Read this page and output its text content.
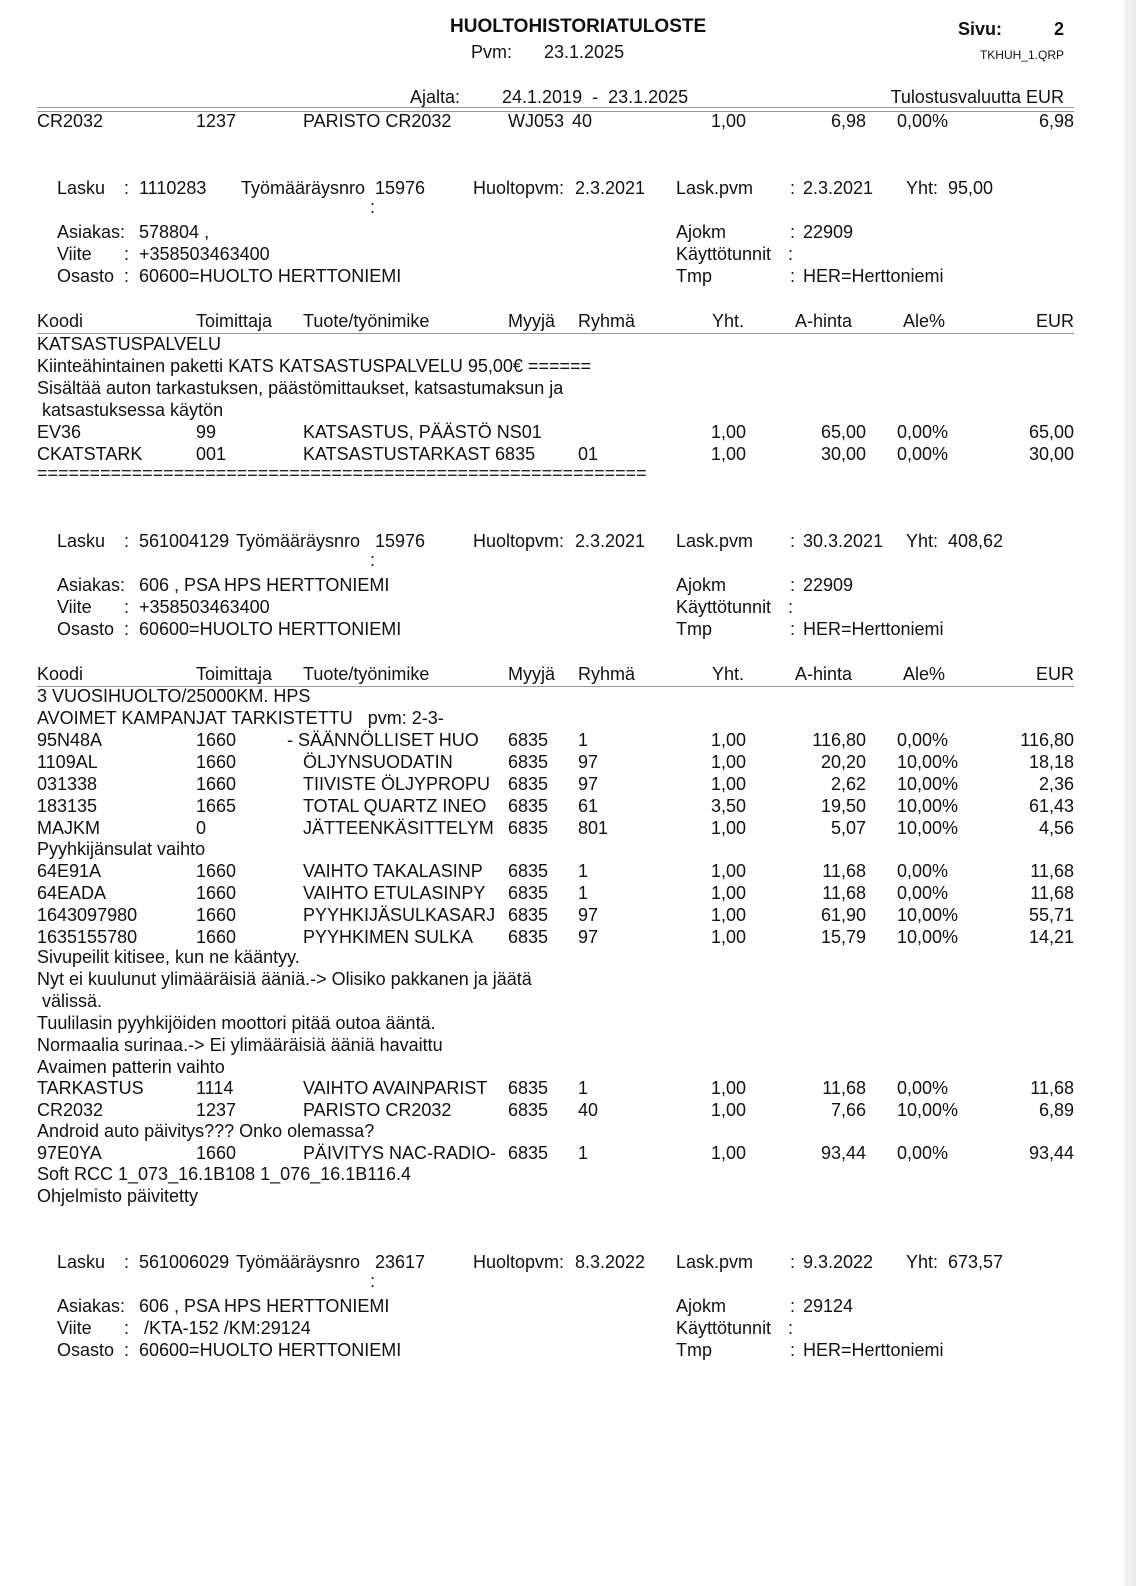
HUOLTOHISTORIATULOSTE
Pvm: 23.1.2025
Sivu:	2
TKHUH_1.QRP
Ajalta: 24.1.2019  -  23.1.2025	Tulostusvaluutta EUR
CR2032	1237	PARISTO CR2032	WJ053 40	1,00	6,98 0,00%	6,98
Lasku : 1110283 Työmääräysnro 15976
:
Huoltopvm: 2.3.2021 Lask.pvm : 2.3.2021 Yht: 95,00
Asiakas: 578804 ,
Viite : +358503463400
Osasto : 60600=HUOLTO HERTTONIEMI
Ajokm	: 22909
Käyttötunnit :
Tmp	: HER=Herttoniemi
Koodi	Toimittaja Tuote/työnimike	Myyjä Ryhmä	Yht.	A-hinta	Ale%	EUR
KATSASTUSPALVELU
Kiinteähintainen paketti KATS KATSASTUSPALVELU 95,00€ ======
Sisältää auton tarkastuksen, päästömittaukset, katsastumaksun ja
katsastuksessa käytön
EV36	99	KATSASTUS, PÄÄSTÖ NS01	1,00	65,00 0,00%	65,00
CKATSTARK	001	KATSASTUSTARKAST 6835 01	1,00	30,00 0,00%	30,00
==========================================================
Lasku : 561004129 Työmääräysnro 15976
:
Huoltopvm: 2.3.2021 Lask.pvm : 30.3.2021 Yht: 408,62
Asiakas: 606 , PSA HPS HERTTONIEMI
Viite : +358503463400
Osasto : 60600=HUOLTO HERTTONIEMI
Ajokm	: 22909
Käyttötunnit :
Tmp	: HER=Herttoniemi
Koodi	Toimittaja Tuote/työnimike	Myyjä Ryhmä	Yht.	A-hinta	Ale%	EUR
3 VUOSIHUOLTO/25000KM. HPS
AVOIMET KAMPANJAT TARKISTETTU   pvm: 2-3-
95N48A	1660	- SÄÄNNÖLLISET HUO 6835 1	1,00	116,80 0,00%	116,80
1109AL	1660	ÖLJYNSUODATIN	6835 97	1,00	20,20 10,00%	18,18
031338	1660	TIIVISTE ÖLJYPROPU 6835 97	1,00	2,62 10,00%	2,36
183135	1665	TOTAL QUARTZ INEO 6835 61	3,50	19,50 10,00%	61,43
MAJKM	0	JÄTTEENKÄSITTELYM 6835 801	1,00	5,07 10,00%	4,56
Pyyhkijänsulat vaihto
64E91A	1660	VAIHTO TAKALASINP 6835 1	1,00	11,68 0,00%	11,68
64EADA	1660	VAIHTO ETULASINPY 6835 1	1,00	11,68 0,00%	11,68
1643097980	1660	PYYHKIJÄSULKASARJ 6835 97	1,00	61,90 10,00%	55,71
1635155780	1660	PYYHKIMEN SULKA 6835 97	1,00	15,79 10,00%	14,21
Sivupeilit kitisee, kun ne kääntyy.
Nyt ei kuulunut ylimääräisiä ääniä.-> Olisiko pakkanen ja jäätä
välissä.
Tuulilasin pyyhkijöiden moottori pitää outoa ääntä.
Normaalia surinaa.-> Ei ylimääräisiä ääniä havaittu
Avaimen patterin vaihto
TARKASTUS	1114	VAIHTO AVAINPARIST 6835 1	1,00	11,68 0,00%	11,68
CR2032	1237	PARISTO CR2032	6835 40	1,00	7,66 10,00%	6,89
Android auto päivitys??? Onko olemassa?
97E0YA	1660	PÄIVITYS NAC-RADIO- 6835 1	1,00	93,44 0,00%	93,44
Soft RCC 1_073_16.1B108 1_076_16.1B116.4
Ohjelmisto päivitetty
Lasku : 561006029 Työmääräysnro 23617
:
Huoltopvm: 8.3.2022 Lask.pvm : 9.3.2022 Yht: 673,57
Asiakas: 606 , PSA HPS HERTTONIEMI
Viite : /KTA-152 /KM:29124
Osasto : 60600=HUOLTO HERTTONIEMI
Ajokm	: 29124
Käyttötunnit :
Tmp	: HER=Herttoniemi
